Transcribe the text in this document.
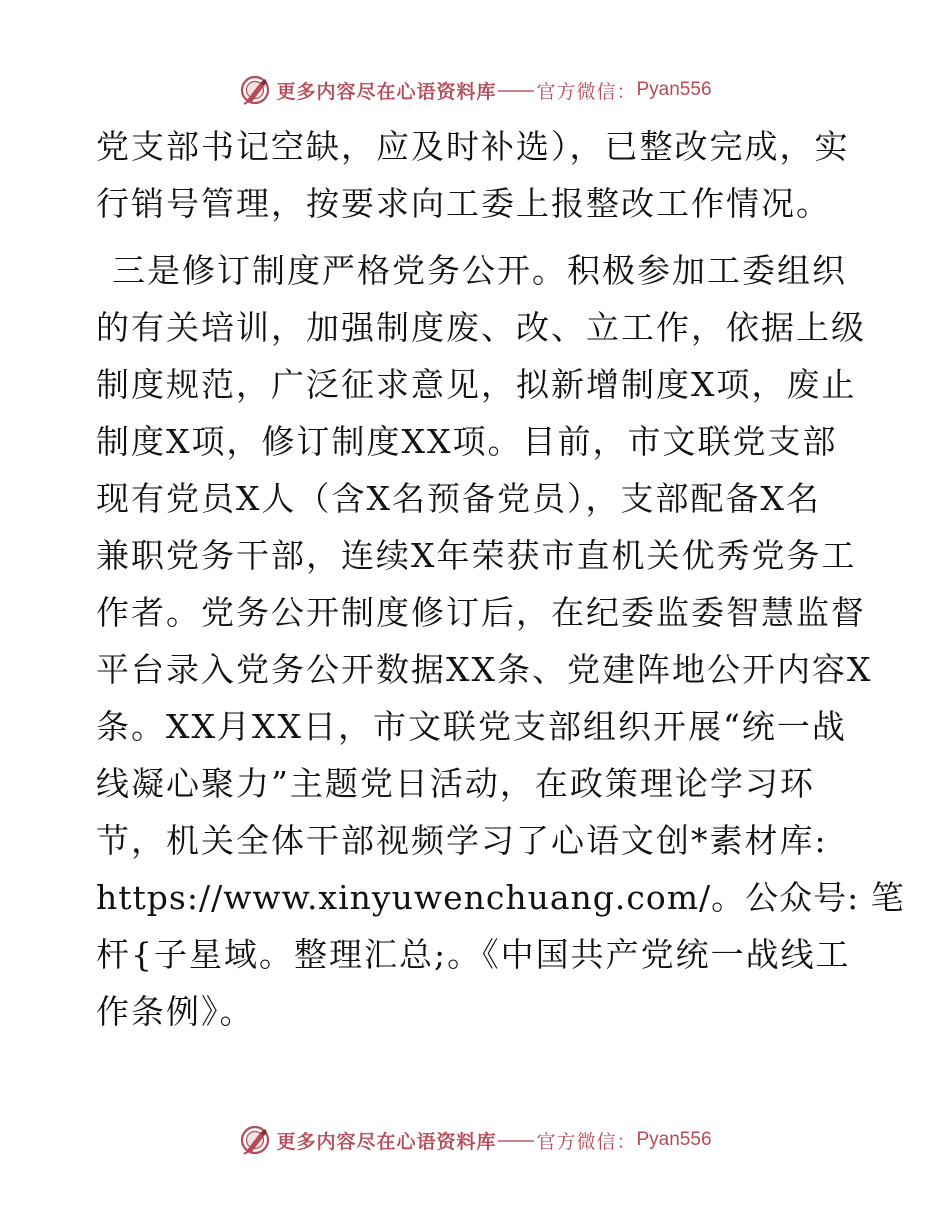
更多内容尽在心语资料库 官方微信： Pyan556
党支部书记空缺，应及时补选），已整改完成，实
行销号管理，按要求向工委上报整改工作情况。
三是修订制度严格党务公开。积极参加工委组织
的有关培训，加强制度废、改、立工作，依据上级
制度规范，广泛征求意见，拟新增制度X项，废止
制度X项，修订制度XX项。目前，市文联党支部
现有党员X人（含X名预备党员），支部配备X名
兼职党务干部，连续X年荣获市直机关优秀党务工
作者。党务公开制度修订后，在纪委监委智慧监督
平台录入党务公开数据XX条、党建阵地公开内容X
条。XX月XX日，市文联党支部组织开展“统一战
线凝心聚力”主题党日活动，在政策理论学习环
节，机关全体干部视频学习了心语文创*素材库:
https://www.xinyuwenchuang.com/。公众号: 笔
杆{子星域。整理汇总;。《中国共产党统一战线工
作条例》。
更多内容尽在心语资料库 官方微信： Pyan556
